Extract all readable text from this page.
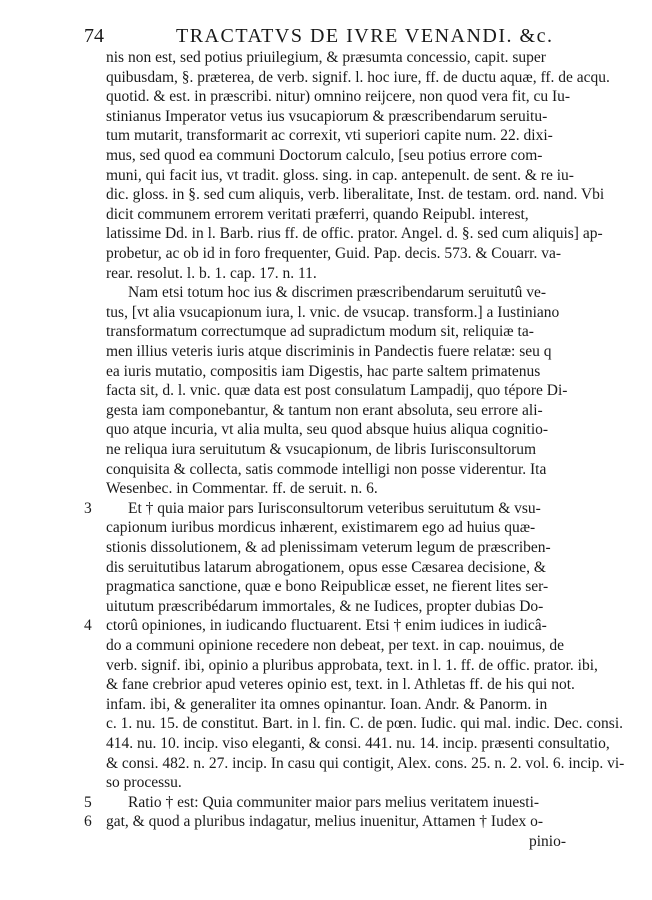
74	TRACTATVS DE IVRE VENANDI. &c.
nis non est, sed potius priuilegium, & præsumta concessio, capit. super
quibusdam, §. præterea, de verb. signif. l. hoc iure, ff. de ductu aquæ, ff. de acqu.
quotid. & est. in præscribi. nitur) omnino reijcere, non quod vera fit, cu Iu-
stinianus Imperator vetus ius vsucapiorum & præscribendarum seruitu-
tum mutarit, transformarit ac correxit, vti superiori capite num. 22. dixi-
mus, sed quod ea communi Doctorum calculo, [seu potius errore com-
muni, qui facit ius, vt tradit. gloss. sing. in cap. antepenult. de sent. & re iu-
dic. gloss. in §. sed cum aliquis, verb. liberalitate, Inst. de testam. ord. nand. Vbi
dicit communem errorem veritati præferri, quando Reipubl. interest,
latissime Dd. in l. Barb. rius ff. de offic. prator. Angel. d. §. sed cum aliquis] ap-
probetur, ac ob id in foro frequenter, Guid. Pap. decis. 573. & Couarr. va-
rear. resolut. l. b. 1. cap. 17. n. 11.
Nam etsi totum hoc ius & discrimen præscribendarum seruitutû ve-
tus, [vt alia vsucapionum iura, l. vnic. de vsucap. transform.] a Iustiniano
transformatum correctumque ad supradictum modum sit, reliquiæ ta-
men illius veteris iuris atque discriminis in Pandectis fuere relatæ: seu q
ea iuris mutatio, compositis iam Digestis, hac parte saltem primatenus
facta sit, d. l. vnic. quæ data est post consulatum Lampadij, quo tépore Di-
gesta iam componebantur, & tantum non erant absoluta, seu errore ali-
quo atque incuria, vt alia multa, seu quod absque huius aliqua cognitio-
ne reliqua iura seruitutum & vsucapionum, de libris Iurisconsultorum
conquisita & collecta, satis commode intelligi non posse viderentur. Ita
Wesenbec. in Commentar. ff. de seruit. n. 6.
3	Et † quia maior pars Iurisconsultorum veteribus seruitutum & vsu-
capionum iuribus mordicus inhærent, existimarem ego ad huius quæ-
stionis dissolutionem, & ad plenissimam veterum legum de præscriben-
dis seruitutibus latarum abrogationem, opus esse Cæsarea decisione, &
pragmatica sanctione, quæ e bono Reipublicæ esset, ne fierent lites ser-
uitutum præscribédarum immortales, & ne Iudices, propter dubias Do-
4 ctorû opiniones, in iudicando fluctuarent. Etsi † enim iudices in iudicâ-
do a communi opinione recedere non debeat, per text. in cap. nouimus, de
verb. signif. ibi, opinio a pluribus approbata, text. in l. 1. ff. de offic. prator. ibi,
& fane crebrior apud veteres opinio est, text. in l. Athletas ff. de his qui not.
infam. ibi, & generaliter ita omnes opinantur. Ioan. Andr. & Panorm. in
c. 1. nu. 15. de constitut. Bart. in l. fin. C. de pœn. Iudic. qui mal. indic. Dec. consi.
414. nu. 10. incip. viso eleganti, & consi. 441. nu. 14. incip. præsenti consultatio,
& consi. 482. n. 27. incip. In casu qui contigit, Alex. cons. 25. n. 2. vol. 6. incip. vi-
so processu.
5	Ratio † est: Quia communiter maior pars melius veritatem inuesti-
6 gat, & quod a pluribus indagatur, melius inuenitur, Attamen † Iudex o-
pinio-
